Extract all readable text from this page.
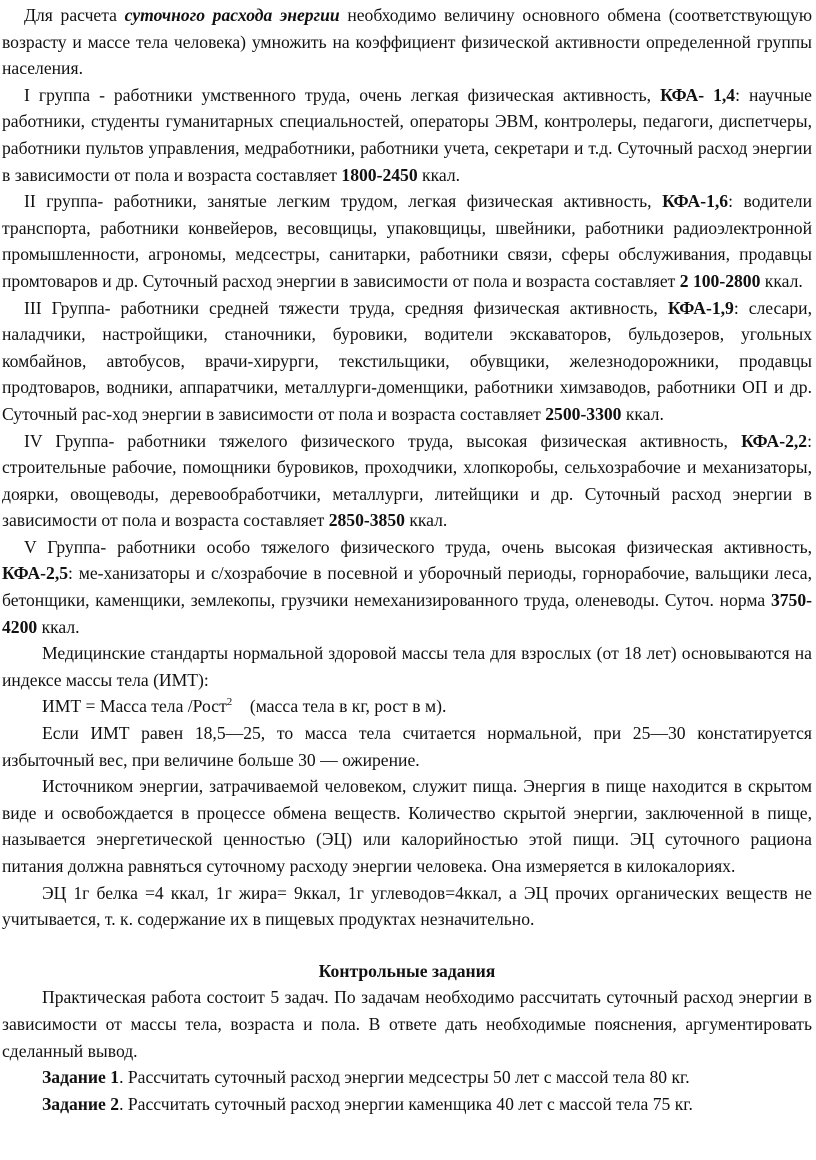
Для расчета суточного расхода энергии необходимо величину основного обмена (соответствующую возрасту и массе тела человека) умножить на коэффициент физической активности определенной группы населения.

I группа - работники умственного труда, очень легкая физическая активность, КФА- 1,4: научные работники, студенты гуманитарных специальностей, операторы ЭВМ, контролеры, педагоги, диспетчеры, работники пультов управления, медработники, работники учета, секретари и т.д. Суточный расход энергии в зависимости от пола и возраста составляет 1800-2450 ккал.

II группа- работники, занятые легким трудом, легкая физическая активность, КФА-1,6: водители транспорта, работники конвейеров, весовщицы, упаковщицы, швейники, работники радиоэлектронной промышленности, агрономы, медсестры, санитарки, работники связи, сферы обслуживания, продавцы промтоваров и др. Суточный расход энергии в зависимости от пола и возраста составляет 2 100-2800 ккал.

III Группа- работники средней тяжести труда, средняя физическая активность, КФА-1,9: слесари, наладчики, настройщики, станочники, буровики, водители экскаваторов, бульдозеров, угольных комбайнов, автобусов, врачи-хирурги, текстильщики, обувщики, железнодорожники, продавцы продтоваров, водники, аппаратчики, металлурги-доменщики, работники химзаводов, работники ОП и др. Суточный рас-ход энергии в зависимости от пола и возраста составляет 2500-3300 ккал.

IV Группа- работники тяжелого физического труда, высокая физическая активность, КФА-2,2: строительные рабочие, помощники буровиков, проходчики, хлопкоробы, сельхозрабочие и механизаторы, доярки, овощеводы, деревообработчики, металлурги, литейщики и др. Суточный расход энергии в зависимости от пола и возраста составляет 2850-3850 ккал.

V Группа- работники особо тяжелого физического труда, очень высокая физическая активность, КФА-2,5: ме-ханизаторы и с/хозрабочие в посевной и уборочный периоды, горнорабочие, вальщики леса, бетонщики, каменщики, землекопы, грузчики немеханизированного труда, оленеводы. Суточ. норма 3750-4200 ккал.

Медицинские стандарты нормальной здоровой массы тела для взрослых (от 18 лет) основываются на индексе массы тела (ИМТ):

ИМТ = Масса тела /Рост$^2$ (масса тела в кг, рост в м).

Если ИМТ равен 18,5—25, то масса тела считается нормальной, при 25—30 констатируется избыточный вес, при величине больше 30 — ожирение.

Источником энергии, затрачиваемой человеком, служит пища. Энергия в пище находится в скрытом виде и освобождается в процессе обмена веществ. Количество скрытой энергии, заключенной в пище, называется энергетической ценностью (ЭЦ) или калорийностью этой пищи. ЭЦ суточного рациона питания должна равняться суточному расходу энергии человека. Она измеряется в килокалориях.

ЭЦ 1г белка =4 ккал, 1г жира= 9ккал, 1г углеводов=4ккал, а ЭЦ прочих органических веществ не учитывается, т. к. содержание их в пищевых продуктах незначительно.

Контрольные задания

Практическая работа состоит 5 задач. По задачам необходимо рассчитать суточный расход энергии в зависимости от массы тела, возраста и пола. В ответе дать необходимые пояснения, аргументировать сделанный вывод.

Задание 1. Рассчитать суточный расход энергии медсестры 50 лет с массой тела 80 кг.

Задание 2. Рассчитать суточный расход энергии каменщика 40 лет с массой тела 75 кг.
